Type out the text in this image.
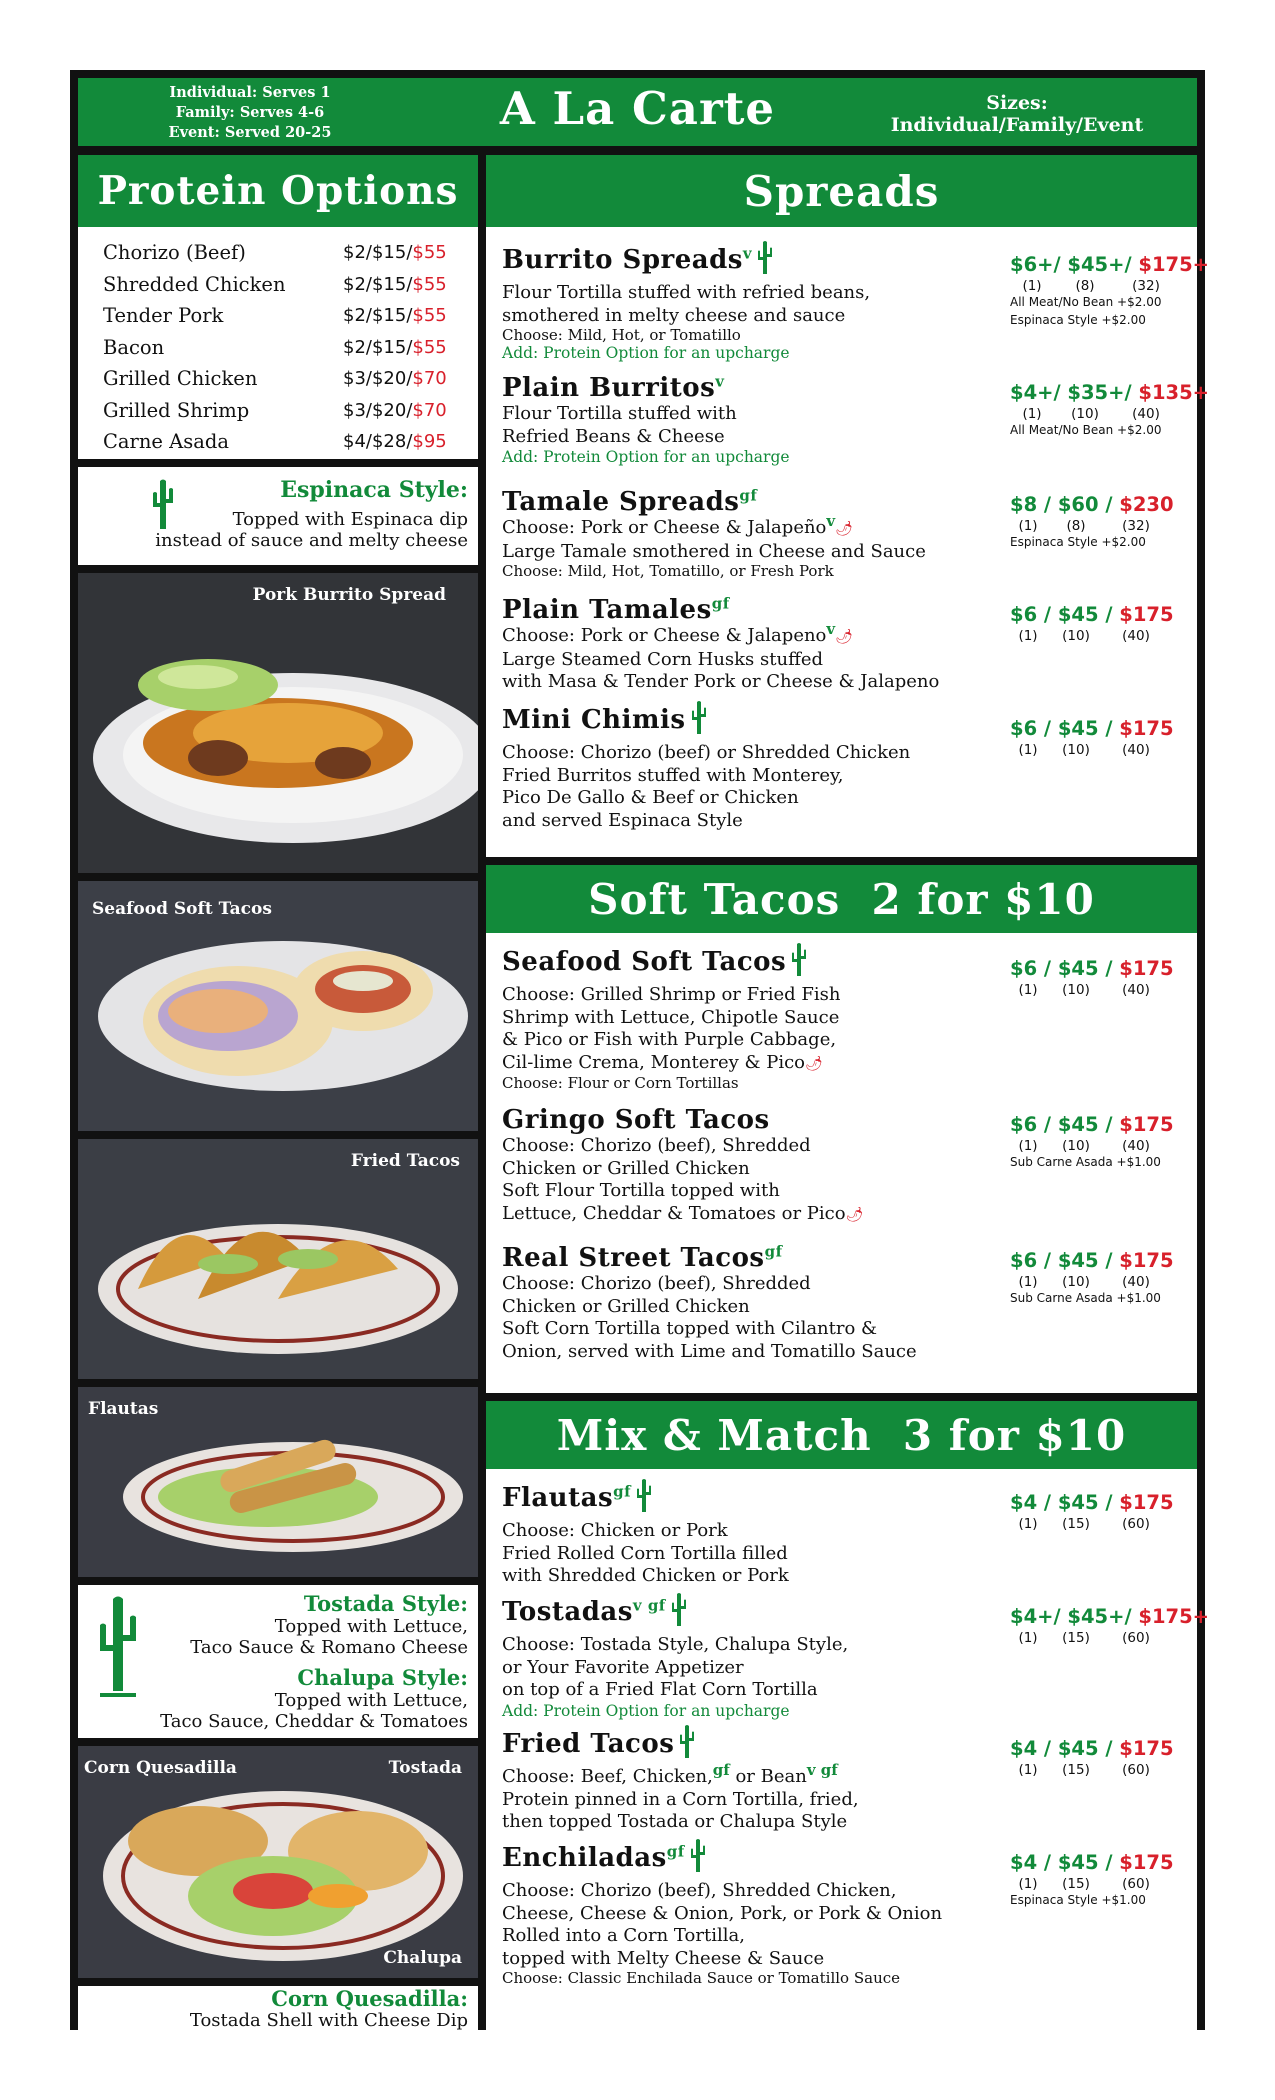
Individual: Serves 1
Family: Serves 4-6
Event: Served 20-25	A La Carte	Sizes:
Individual/Family/Event
Protein Options
Chorizo (Beef)	$2/$15/ $55
Shredded Chicken	$2/$15/ $55
Tender Pork	$2/$15/ $55
Bacon	$2/$15/ $55
Grilled Chicken	$3/$20/ $70
Grilled Shrimp	$3/$20/ $70
Carne Asada	$4/$28/ $95
Espinaca Style:
Topped with Espinaca dip
instead of sauce and melty cheese
Pork Burrito Spread
Seafood Soft Tacos
Fried Tacos
Flautas
Tostada Style:
Topped with Lettuce,
Taco Sauce & Romano Cheese
Chalupa Style:
Topped with Lettuce,
Taco Sauce, Cheddar & Tomatoes
Corn Quesadilla	Tostada
Chalupa
Corn Quesadilla:
Tostada Shell with Cheese Dip
Spreads
Burrito Spreads$^v$
Flour Tortilla stuffed with refried beans,
smothered in melty cheese and sauce
Choose: Mild, Hot, or Tomatillo
Add: Protein Option for an upcharge
$6+/ $45+/ $175+
(1)	(8)	(32)
All Meat/No Bean +$2.00
Espinaca Style +$2.00
Plain Burritos$^v$
Flour Tortilla stuffed with
Refried Beans & Cheese
Add: Protein Option for an upcharge
$4+/ $35+/ $135+
(1) (10) (40)
All Meat/No Bean +$2.00
Tamale Spreads$^{gf}$
Choose: Pork or Cheese & Jalapeño$^v$🌶
Large Tamale smothered in Cheese and Sauce
Choose: Mild, Hot, Tomatillo, or Fresh Pork
$8 / $60 / $230
(1) (8)	(32)
Espinaca Style +$2.00
Plain Tamales$^{gf}$
Choose: Pork or Cheese & Jalapeno$^v$🌶
Large Steamed Corn Husks stuffed
with Masa & Tender Pork or Cheese & Jalapeno
$6 / $45 / $175
(1) (10) (40)
Mini Chimis
Choose: Chorizo (beef) or Shredded Chicken
Fried Burritos stuffed with Monterey,
Pico De Gallo & Beef or Chicken
and served Espinaca Style
$6 / $45 / $175
(1) (10) (40)
Soft Tacos  2 for $10
Seafood Soft Tacos
Choose: Grilled Shrimp or Fried Fish
Shrimp with Lettuce, Chipotle Sauce
& Pico or Fish with Purple Cabbage,
Cil-lime Crema, Monterey & Pico🌶
Choose: Flour or Corn Tortillas
$6 / $45 / $175
(1) (10) (40)
Gringo Soft Tacos
Choose: Chorizo (beef), Shredded
Chicken or Grilled Chicken
Soft Flour Tortilla topped with
Lettuce, Cheddar & Tomatoes or Pico🌶
$6 / $45 / $175
(1) (10) (40)
Sub Carne Asada +$1.00
Real Street Tacos$^{gf}$
Choose: Chorizo (beef), Shredded
Chicken or Grilled Chicken
Soft Corn Tortilla topped with Cilantro &
Onion, served with Lime and Tomatillo Sauce
$6 / $45 / $175
(1) (10) (40)
Sub Carne Asada +$1.00
Mix & Match  3 for $10
Flautas$^{gf}$
Choose: Chicken or Pork
Fried Rolled Corn Tortilla filled
with Shredded Chicken or Pork
$4 / $45 / $175
(1) (15) (60)
Tostadas$^{v gf}$
Choose: Tostada Style, Chalupa Style,
or Your Favorite Appetizer
on top of a Fried Flat Corn Tortilla
Add: Protein Option for an upcharge
$4+/ $45+/ $175+
(1) (15) (60)
Fried Tacos
Choose: Beef, Chicken,$^{gf}$ or Bean$^{v gf}$
Protein pinned in a Corn Tortilla, fried,
then topped Tostada or Chalupa Style
$4 / $45 / $175
(1) (15) (60)
Enchiladas$^{gf}$
Choose: Chorizo (beef), Shredded Chicken,
Cheese, Cheese & Onion, Pork, or Pork & Onion
Rolled into a Corn Tortilla,
topped with Melty Cheese & Sauce
Choose: Classic Enchilada Sauce or Tomatillo Sauce
$4 / $45 / $175
(1) (15) (60)
Espinaca Style +$1.00
